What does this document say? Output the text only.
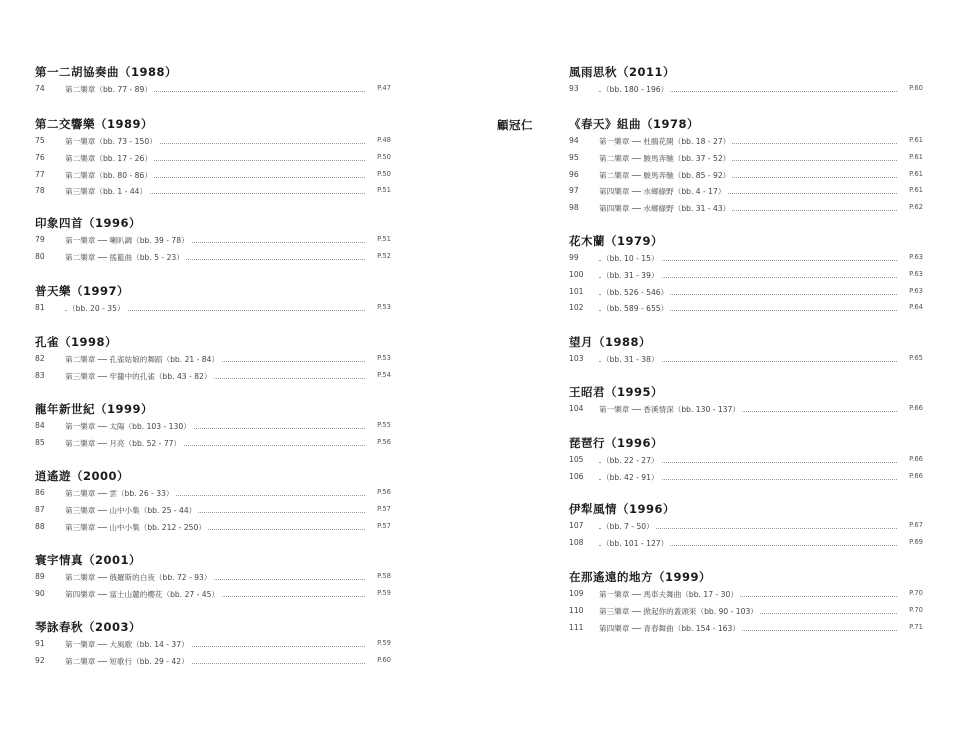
第一二胡協奏曲（1988）
74	第二樂章（bb. 77 - 89）	P.47
第二交響樂（1989）
75	第一樂章（bb. 73 - 150）	P.48
76	第二樂章（bb. 17 - 26）	P.50
77	第二樂章（bb. 80 - 86）	P.50
78	第三樂章（bb. 1 - 44）	P.51
印象四首（1996）
79	第一樂章 ── 喇叭調（bb. 39 - 78）	P.51
80	第二樂章 ── 搖籃曲（bb. 5 - 23）	P.52
普天樂（1997）
81	（bb. 20 - 35）	P.53
孔雀（1998）
82	第二樂章 ── 孔雀姑娘的舞蹈（bb. 21 - 84）	P.53
83	第三樂章 ── 牢籠中的孔雀（bb. 43 - 82）	P.54
龍年新世紀（1999）
84	第一樂章 ── 太陽（bb. 103 - 130）	P.55
85	第二樂章 ── 月亮（bb. 52 - 77）	P.56
逍遙遊（2000）
86	第二樂章 ── 雲（bb. 26 - 33）	P.56
87	第三樂章 ── 山中小集（bb. 25 - 44）	P.57
88	第三樂章 ── 山中小集（bb. 212 - 250）	P.57
寰宇情真（2001）
89	第二樂章 ── 俄羅斯的白夜（bb. 72 - 93）	P.58
90	第四樂章 ── 富士山麓的櫻花（bb. 27 - 45）	P.59
琴詠春秋（2003）
91	第一樂章 ── 大風歌（bb. 14 - 37）	P.59
92	第二樂章 ── 短歌行（bb. 29 - 42）	P.60
顧冠仁
風雨思秋（2011）
93	（bb. 180 - 196）	P.60
《春天》組曲（1978）
94	第一樂章 ── 杜鵑花開（bb. 18 - 27）	P.61
95	第二樂章 ── 駿馬奔馳（bb. 37 - 52）	P.61
96	第二樂章 ── 駿馬奔馳（bb. 85 - 92）	P.61
97	第四樂章 ── 水鄉綠野（bb. 4 - 17）	P.61
98	第四樂章 ── 水鄉綠野（bb. 31 - 43）	P.62
花木蘭（1979）
99	（bb. 10 - 15）	P.63
100 （bb. 31 - 39）	P.63
101 （bb. 526 - 546）	P.63
102 （bb. 589 - 655）	P.64
望月（1988）
103 （bb. 31 - 38）	P.65
王昭君（1995）
104 第一樂章 ── 香溪情深（bb. 130 - 137）	P.66
琵琶行（1996）
105 （bb. 22 - 27）	P.66
106 （bb. 42 - 91）	P.66
伊犁風情（1996）
107 （bb. 7 - 50）	P.67
108 （bb. 101 - 127）	P.69
在那遙遠的地方（1999）
109 第一樂章 ── 馬車夫舞曲（bb. 17 - 30）	P.70
110 第三樂章 ── 掀起你的蓋頭來（bb. 90 - 103）	P.70
111 第四樂章 ── 青春舞曲（bb. 154 - 163）	P.71
